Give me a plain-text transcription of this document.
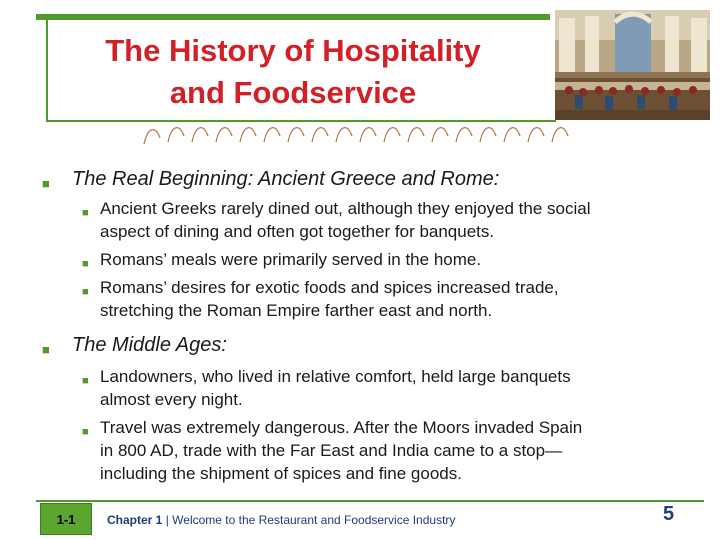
The History of Hospitality
and Foodservice
■ The Real Beginning: Ancient Greece and Rome:
■ Ancient Greeks rarely dined out, although they enjoyed the social
aspect of dining and often got together for banquets.
■ Romans’ meals were primarily served in the home.
■ Romans’ desires for exotic foods and spices increased trade,
stretching the Roman Empire farther east and north.
■ The Middle Ages:
■ Landowners, who lived in relative comfort, held large banquets
almost every night.
■ Travel was extremely dangerous. After the Moors invaded Spain
in 800 AD, trade with the Far East and India came to a stop—
including the shipment of spices and fine goods.
1-1	Chapter 1 | Welcome to the Restaurant and Foodservice Industry	5
